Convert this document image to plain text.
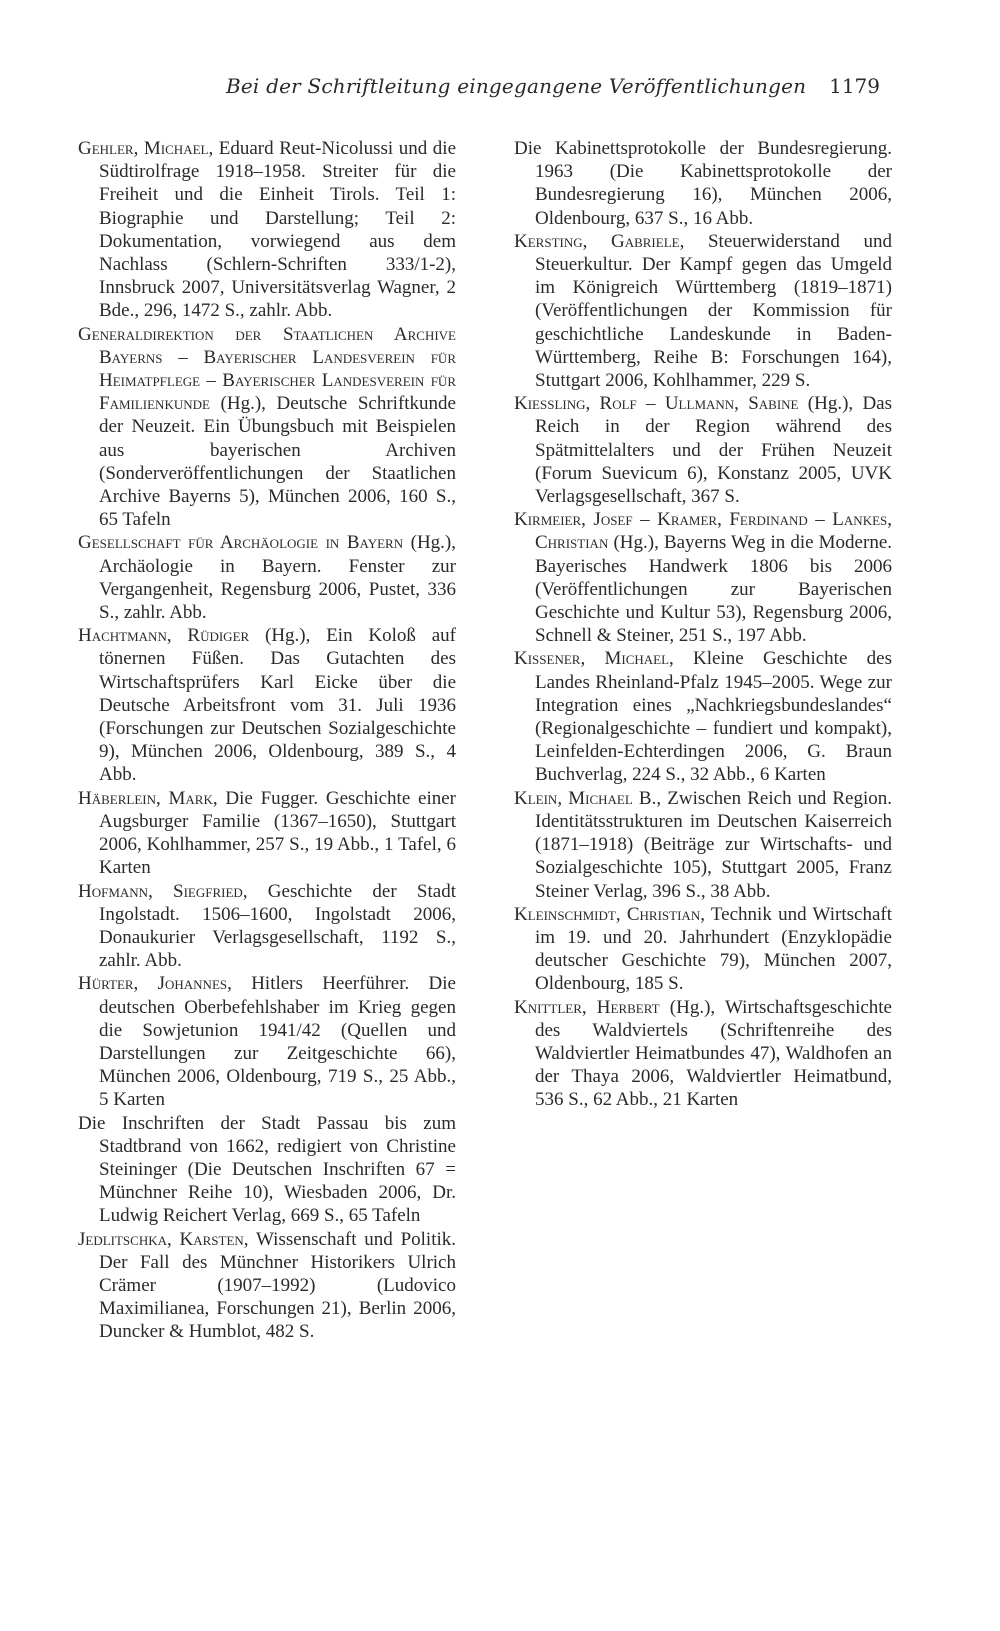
Bei der Schriftleitung eingegangene Veröffentlichungen 1179

Gehler, Michael, Eduard Reut-Nicolussi und die Südtirolfrage 1918–1958. Streiter für die Freiheit und die Einheit Tirols. Teil 1: Biographie und Darstellung; Teil 2: Dokumentation, vorwiegend aus dem Nachlass (Schlern-Schriften 333/1-2), Innsbruck 2007, Universitätsverlag Wagner, 2 Bde., 296, 1472 S., zahlr. Abb.

Generaldirektion der Staatlichen Archive Bayerns – Bayerischer Landesverein für Heimatpflege – Bayerischer Landesverein für Familienkunde (Hg.), Deutsche Schriftkunde der Neuzeit. Ein Übungsbuch mit Beispielen aus bayerischen Archiven (Sonderveröffentlichungen der Staatlichen Archive Bayerns 5), München 2006, 160 S., 65 Tafeln

Gesellschaft für Archäologie in Bayern (Hg.), Archäologie in Bayern. Fenster zur Vergangenheit, Regensburg 2006, Pustet, 336 S., zahlr. Abb.

Hachtmann, Rüdiger (Hg.), Ein Koloß auf tönernen Füßen. Das Gutachten des Wirtschaftsprüfers Karl Eicke über die Deutsche Arbeitsfront vom 31. Juli 1936 (Forschungen zur Deutschen Sozialgeschichte 9), München 2006, Oldenbourg, 389 S., 4 Abb.

Häberlein, Mark, Die Fugger. Geschichte einer Augsburger Familie (1367–1650), Stuttgart 2006, Kohlhammer, 257 S., 19 Abb., 1 Tafel, 6 Karten

Hofmann, Siegfried, Geschichte der Stadt Ingolstadt. 1506–1600, Ingolstadt 2006, Donaukurier Verlagsgesellschaft, 1192 S., zahlr. Abb.

Hürter, Johannes, Hitlers Heerführer. Die deutschen Oberbefehlshaber im Krieg gegen die Sowjetunion 1941/42 (Quellen und Darstellungen zur Zeitgeschichte 66), München 2006, Oldenbourg, 719 S., 25 Abb., 5 Karten

Die Inschriften der Stadt Passau bis zum Stadtbrand von 1662, redigiert von Christine Steininger (Die Deutschen Inschriften 67 = Münchner Reihe 10), Wiesbaden 2006, Dr. Ludwig Reichert Verlag, 669 S., 65 Tafeln

Jedlitschka, Karsten, Wissenschaft und Politik. Der Fall des Münchner Historikers Ulrich Crämer (1907–1992) (Ludovico Maximilianea, Forschungen 21), Berlin 2006, Duncker & Humblot, 482 S.

Die Kabinettsprotokolle der Bundesregierung. 1963 (Die Kabinettsprotokolle der Bundesregierung 16), München 2006, Oldenbourg, 637 S., 16 Abb.

Kersting, Gabriele, Steuerwiderstand und Steuerkultur. Der Kampf gegen das Umgeld im Königreich Württemberg (1819–1871) (Veröffentlichungen der Kommission für geschichtliche Landeskunde in Baden-Württemberg, Reihe B: Forschungen 164), Stuttgart 2006, Kohlhammer, 229 S.

Kiessling, Rolf – Ullmann, Sabine (Hg.), Das Reich in der Region während des Spätmittelalters und der Frühen Neuzeit (Forum Suevicum 6), Konstanz 2005, UVK Verlagsgesellschaft, 367 S.

Kirmeier, Josef – Kramer, Ferdinand – Lankes, Christian (Hg.), Bayerns Weg in die Moderne. Bayerisches Handwerk 1806 bis 2006 (Veröffentlichungen zur Bayerischen Geschichte und Kultur 53), Regensburg 2006, Schnell & Steiner, 251 S., 197 Abb.

Kissener, Michael, Kleine Geschichte des Landes Rheinland-Pfalz 1945–2005. Wege zur Integration eines „Nachkriegsbundeslandes“ (Regionalgeschichte – fundiert und kompakt), Leinfelden-Echterdingen 2006, G. Braun Buchverlag, 224 S., 32 Abb., 6 Karten

Klein, Michael B., Zwischen Reich und Region. Identitätsstrukturen im Deutschen Kaiserreich (1871–1918) (Beiträge zur Wirtschafts- und Sozialgeschichte 105), Stuttgart 2005, Franz Steiner Verlag, 396 S., 38 Abb.

Kleinschmidt, Christian, Technik und Wirtschaft im 19. und 20. Jahrhundert (Enzyklopädie deutscher Geschichte 79), München 2007, Oldenbourg, 185 S.

Knittler, Herbert (Hg.), Wirtschaftsgeschichte des Waldviertels (Schriftenreihe des Waldviertler Heimatbundes 47), Waldhofen an der Thaya 2006, Waldviertler Heimatbund, 536 S., 62 Abb., 21 Karten
